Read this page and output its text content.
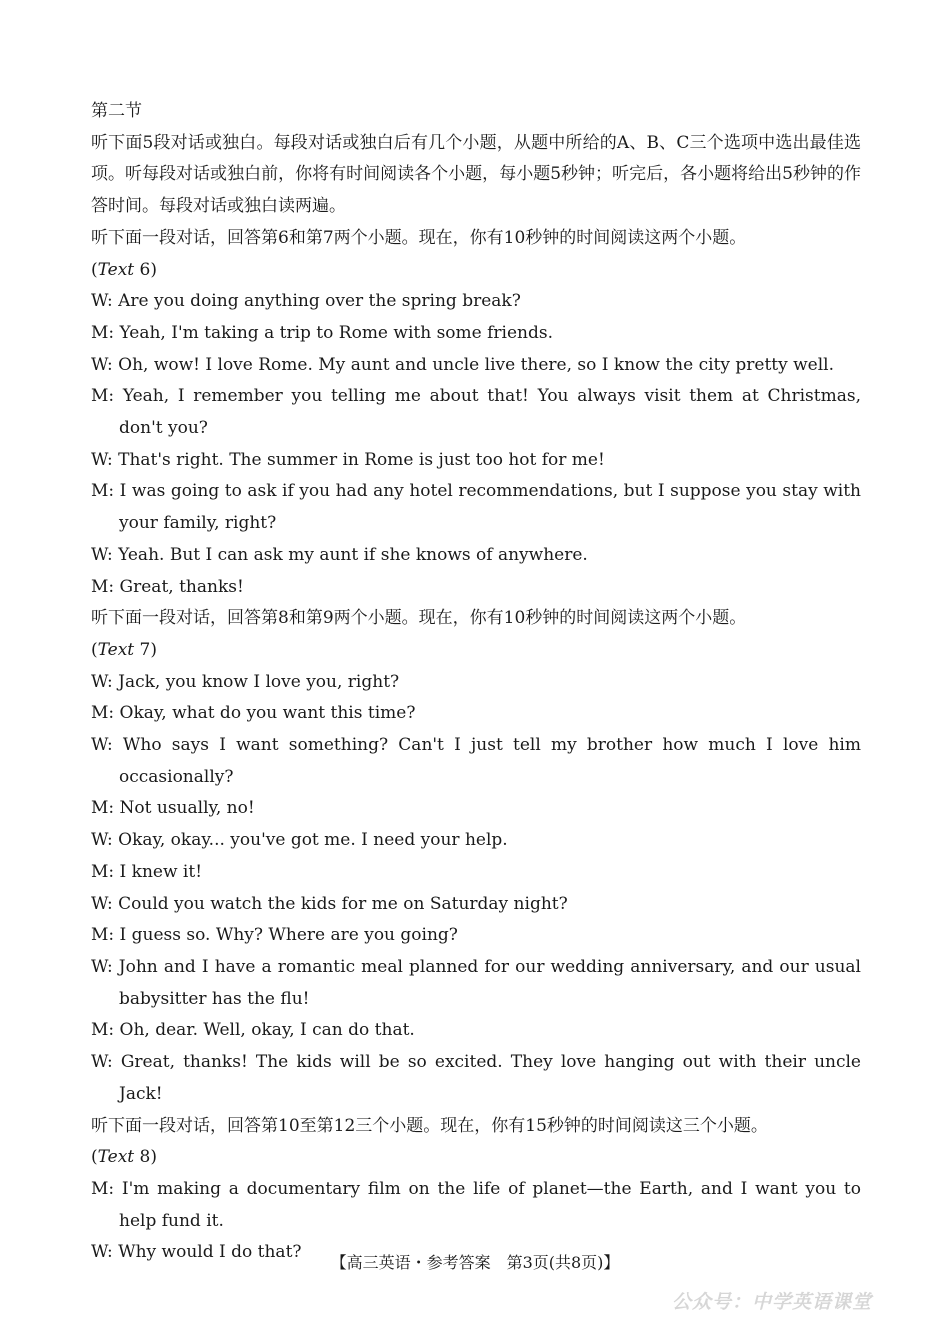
第二节
听下面5段对话或独白。每段对话或独白后有几个小题，从题中所给的A、B、C三个选项中选出最佳选项。听每段对话或独白前，你将有时间阅读各个小题，每小题5秒钟；听完后，各小题将给出5秒钟的作答时间。每段对话或独白读两遍。
听下面一段对话，回答第6和第7两个小题。现在，你有10秒钟的时间阅读这两个小题。
(Text 6)
W: Are you doing anything over the spring break?
M: Yeah, I'm taking a trip to Rome with some friends.
W: Oh, wow! I love Rome. My aunt and uncle live there, so I know the city pretty well.
M: Yeah, I remember you telling me about that! You always visit them at Christmas, don't you?
W: That's right. The summer in Rome is just too hot for me!
M: I was going to ask if you had any hotel recommendations, but I suppose you stay with your family, right?
W: Yeah. But I can ask my aunt if she knows of anywhere.
M: Great, thanks!
听下面一段对话，回答第8和第9两个小题。现在，你有10秒钟的时间阅读这两个小题。
(Text 7)
W: Jack, you know I love you, right?
M: Okay, what do you want this time?
W: Who says I want something? Can't I just tell my brother how much I love him occasionally?
M: Not usually, no!
W: Okay, okay... you've got me. I need your help.
M: I knew it!
W: Could you watch the kids for me on Saturday night?
M: I guess so. Why? Where are you going?
W: John and I have a romantic meal planned for our wedding anniversary, and our usual babysitter has the flu!
M: Oh, dear. Well, okay, I can do that.
W: Great, thanks! The kids will be so excited. They love hanging out with their uncle Jack!
听下面一段对话，回答第10至第12三个小题。现在，你有15秒钟的时间阅读这三个小题。
(Text 8)
M: I'm making a documentary film on the life of planet—the Earth, and I want you to help fund it.
W: Why would I do that?
【高三英语・参考答案　第3页(共8页)】
公众号：中学英语课堂
